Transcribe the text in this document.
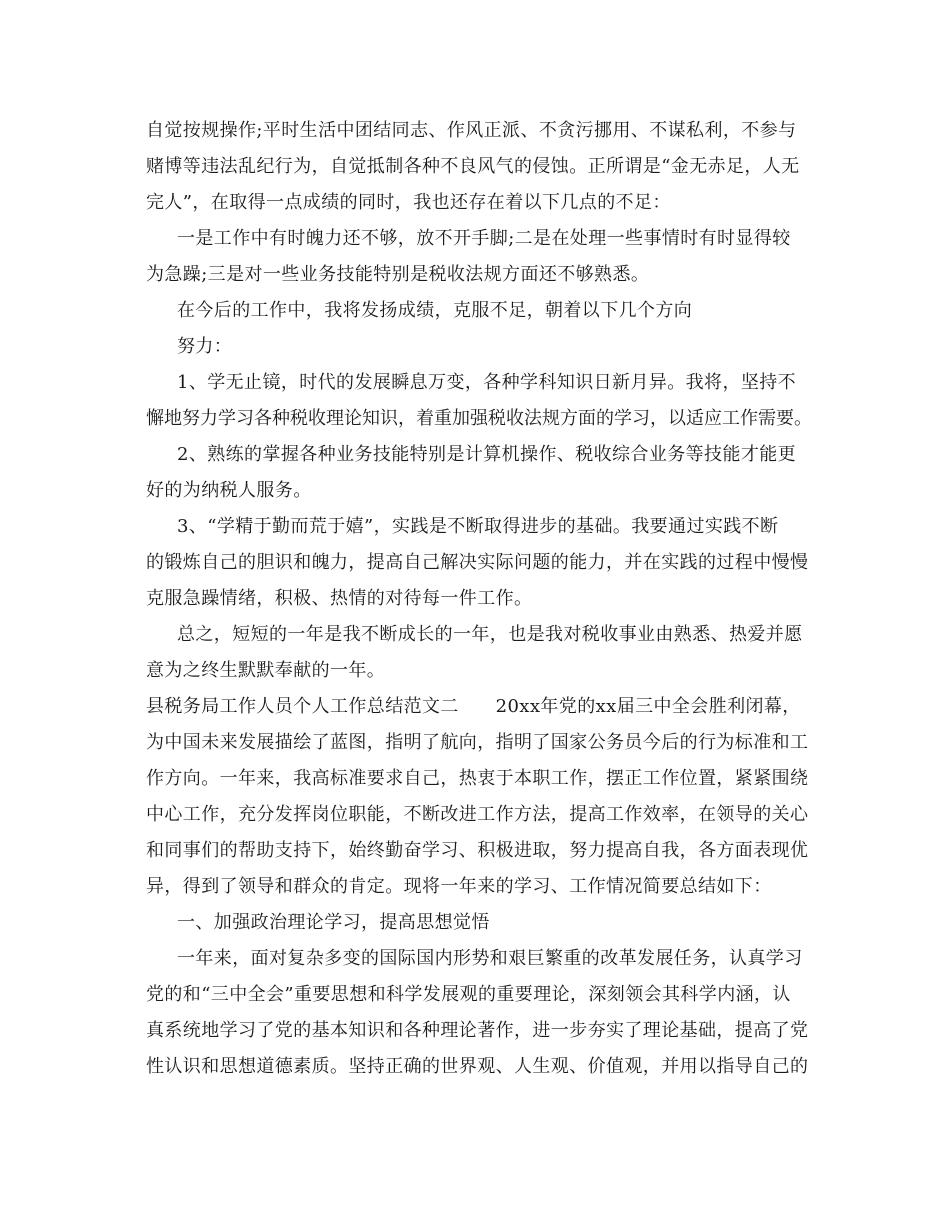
自觉按规操作;平时生活中团结同志、作风正派、不贪污挪用、不谋私利，不参与
赌博等违法乱纪行为，自觉抵制各种不良风气的侵蚀。正所谓是“金无赤足，人无
完人”，在取得一点成绩的同时，我也还存在着以下几点的不足：
一是工作中有时魄力还不够，放不开手脚;二是在处理一些事情时有时显得较
为急躁;三是对一些业务技能特别是税收法规方面还不够熟悉。
在今后的工作中，我将发扬成绩，克服不足，朝着以下几个方向
努力：
1、学无止镜，时代的发展瞬息万变，各种学科知识日新月异。我将，坚持不
懈地努力学习各种税收理论知识，着重加强税收法规方面的学习，以适应工作需要。
2、熟练的掌握各种业务技能特别是计算机操作、税收综合业务等技能才能更
好的为纳税人服务。
3、“学精于勤而荒于嬉”，实践是不断取得进步的基础。我要通过实践不断
的锻炼自己的胆识和魄力，提高自己解决实际问题的能力，并在实践的过程中慢慢
克服急躁情绪，积极、热情的对待每一件工作。
总之，短短的一年是我不断成长的一年，也是我对税收事业由熟悉、热爱并愿
意为之终生默默奉献的一年。
县税务局工作人员个人工作总结范文二　　20xx年党的xx届三中全会胜利闭幕，
为中国未来发展描绘了蓝图，指明了航向，指明了国家公务员今后的行为标准和工
作方向。一年来，我高标准要求自己，热衷于本职工作，摆正工作位置，紧紧围绕
中心工作，充分发挥岗位职能，不断改进工作方法，提高工作效率，在领导的关心
和同事们的帮助支持下，始终勤奋学习、积极进取，努力提高自我，各方面表现优
异，得到了领导和群众的肯定。现将一年来的学习、工作情况简要总结如下：
一、加强政治理论学习，提高思想觉悟
一年来，面对复杂多变的国际国内形势和艰巨繁重的改革发展任务，认真学习
党的和“三中全会”重要思想和科学发展观的重要理论，深刻领会其科学内涵，认
真系统地学习了党的基本知识和各种理论著作，进一步夯实了理论基础，提高了党
性认识和思想道德素质。坚持正确的世界观、人生观、价值观，并用以指导自己的
